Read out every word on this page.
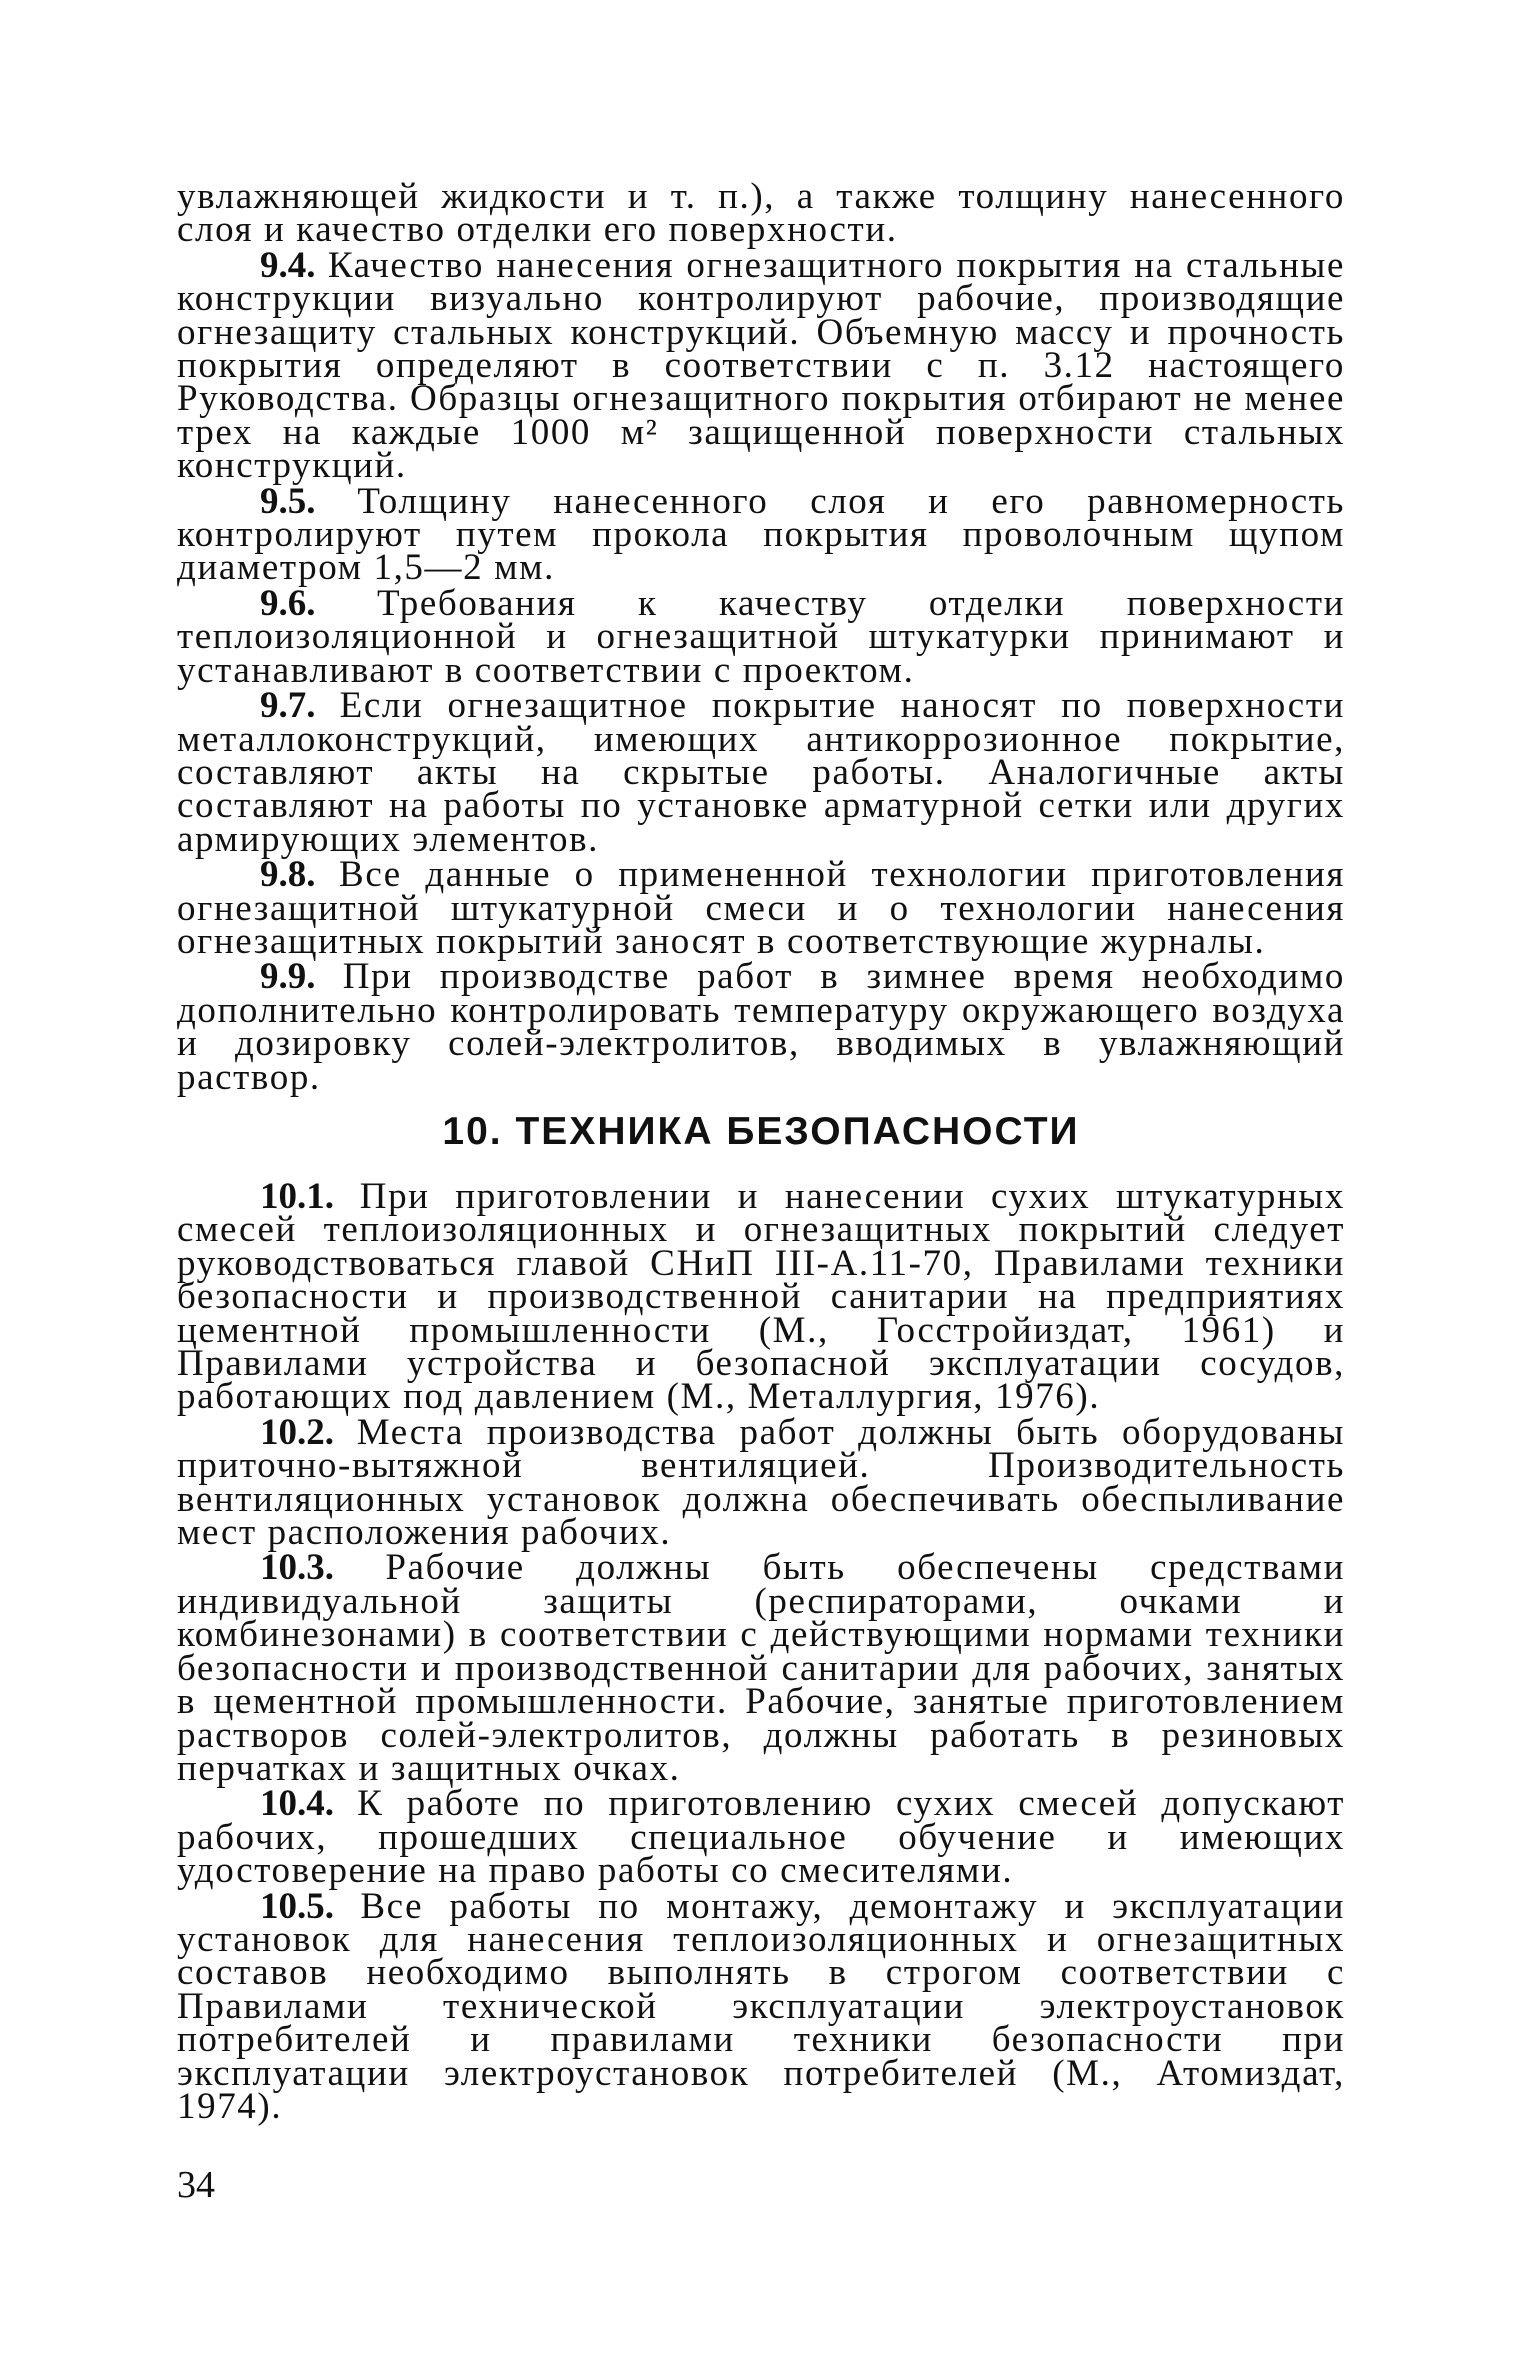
увлажняющей жидкости и т. п.), а также толщину нанесенного слоя и качество отделки его поверхности.

9.4. Качество нанесения огнезащитного покрытия на стальные конструкции визуально контролируют рабочие, производящие огнезащиту стальных конструкций. Объемную массу и прочность покрытия определяют в соответствии с п. 3.12 настоящего Руководства. Образцы огнезащитного покрытия отбирают не менее трех на каждые 1000 м² защищенной поверхности стальных конструкций.

9.5. Толщину нанесенного слоя и его равномерность контролируют путем прокола покрытия проволочным щупом диаметром 1,5—2 мм.

9.6. Требования к качеству отделки поверхности теплоизоляционной и огнезащитной штукатурки принимают и устанавливают в соответствии с проектом.

9.7. Если огнезащитное покрытие наносят по поверхности металлоконструкций, имеющих антикоррозионное покрытие, составляют акты на скрытые работы. Аналогичные акты составляют на работы по установке арматурной сетки или других армирующих элементов.

9.8. Все данные о примененной технологии приготовления огнезащитной штукатурной смеси и о технологии нанесения огнезащитных покрытий заносят в соответствующие журналы.

9.9. При производстве работ в зимнее время необходимо дополнительно контролировать температуру окружающего воздуха и дозировку солей-электролитов, вводимых в увлажняющий раствор.

10. ТЕХНИКА БЕЗОПАСНОСТИ

10.1. При приготовлении и нанесении сухих штукатурных смесей теплоизоляционных и огнезащитных покрытий следует руководствоваться главой СНиП III-А.11-70, Правилами техники безопасности и производственной санитарии на предприятиях цементной промышленности (М., Госстройиздат, 1961) и Правилами устройства и безопасной эксплуатации сосудов, работающих под давлением (М., Металлургия, 1976).

10.2. Места производства работ должны быть оборудованы приточно-вытяжной вентиляцией. Производительность вентиляционных установок должна обеспечивать обеспыливание мест расположения рабочих.

10.3. Рабочие должны быть обеспечены средствами индивидуальной защиты (респираторами, очками и комбинезонами) в соответствии с действующими нормами техники безопасности и производственной санитарии для рабочих, занятых в цементной промышленности. Рабочие, занятые приготовлением растворов солей-электролитов, должны работать в резиновых перчатках и защитных очках.

10.4. К работе по приготовлению сухих смесей допускают рабочих, прошедших специальное обучение и имеющих удостоверение на право работы со смесителями.

10.5. Все работы по монтажу, демонтажу и эксплуатации установок для нанесения теплоизоляционных и огнезащитных составов необходимо выполнять в строгом соответствии с Правилами технической эксплуатации электроустановок потребителей и правилами техники безопасности при эксплуатации электроустановок потребителей (М., Атомиздат, 1974).

34
